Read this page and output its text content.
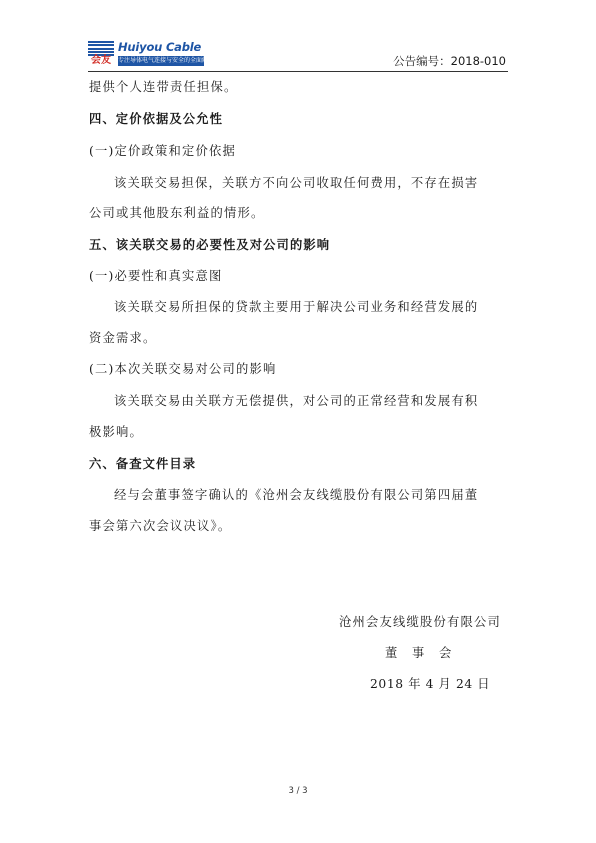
会友
Huiyou Cable
专注导体电气连接与安全的全面解决方案	公告编号：2018-010
提供个人连带责任担保。
四、定价依据及公允性
(一)定价政策和定价依据
该关联交易担保，关联方不向公司收取任何费用，不存在损害
公司或其他股东利益的情形。
五、该关联交易的必要性及对公司的影响
(一)必要性和真实意图
该关联交易所担保的贷款主要用于解决公司业务和经营发展的
资金需求。
(二)本次关联交易对公司的影响
该关联交易由关联方无偿提供，对公司的正常经营和发展有积
极影响。
六、备查文件目录
经与会董事签字确认的《沧州会友线缆股份有限公司第四届董
事会第六次会议决议》。
沧州会友线缆股份有限公司
董　事　会
2018 年 4 月 24 日
3 / 3
